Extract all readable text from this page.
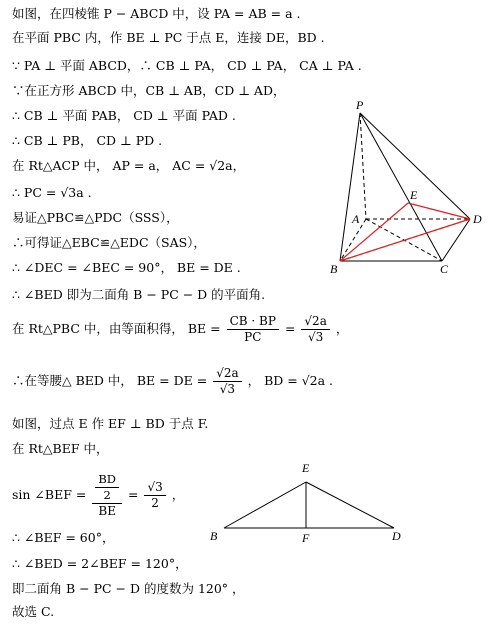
如图，在四棱锥 P − ABCD 中，设 PA = AB = a .
在平面 PBC 内，作 BE ⊥ PC 于点 E，连接 DE，BD .
∵ PA ⊥ 平面 ABCD，∴ CB ⊥ PA， CD ⊥ PA， CA ⊥ PA .
∵在正方形 ABCD 中，CB ⊥ AB，CD ⊥ AD，
∴ CB ⊥ 平面 PAB， CD ⊥ 平面 PAD .
∴ CB ⊥ PB， CD ⊥ PD .
在 Rt△ACP 中， AP = a， AC = √2a，
∴ PC = √3a .
易证△PBC≌△PDC（SSS），
∴可得证△EBC≌△EDC（SAS），
∴ ∠DEC = ∠BEC = 90°， BE = DE .
∴ ∠BED 即为二面角 B − PC − D 的平面角.
在 Rt△PBC 中，由等面积得， BE = $\frac{CB \cdot BP}{PC} = \frac{√2a}{√3}$ ，
∴在等腰△ BED 中， BE = DE = $\frac{√2a}{√3}$ ， BD = √2a .
如图，过点 E 作 EF ⊥ BD 于点 F.
在 Rt△BEF 中，
sin ∠BEF = $\frac{\frac{BD}{2}}{BE} = \frac{√3}{2}$ ，
∴ ∠BEF = 60°，
∴ ∠BED = 2∠BEF = 120°，
即二面角 B − PC − D 的度数为 120° ，
故选 C.
P
A
B	C
D
E
E
B	F	D
